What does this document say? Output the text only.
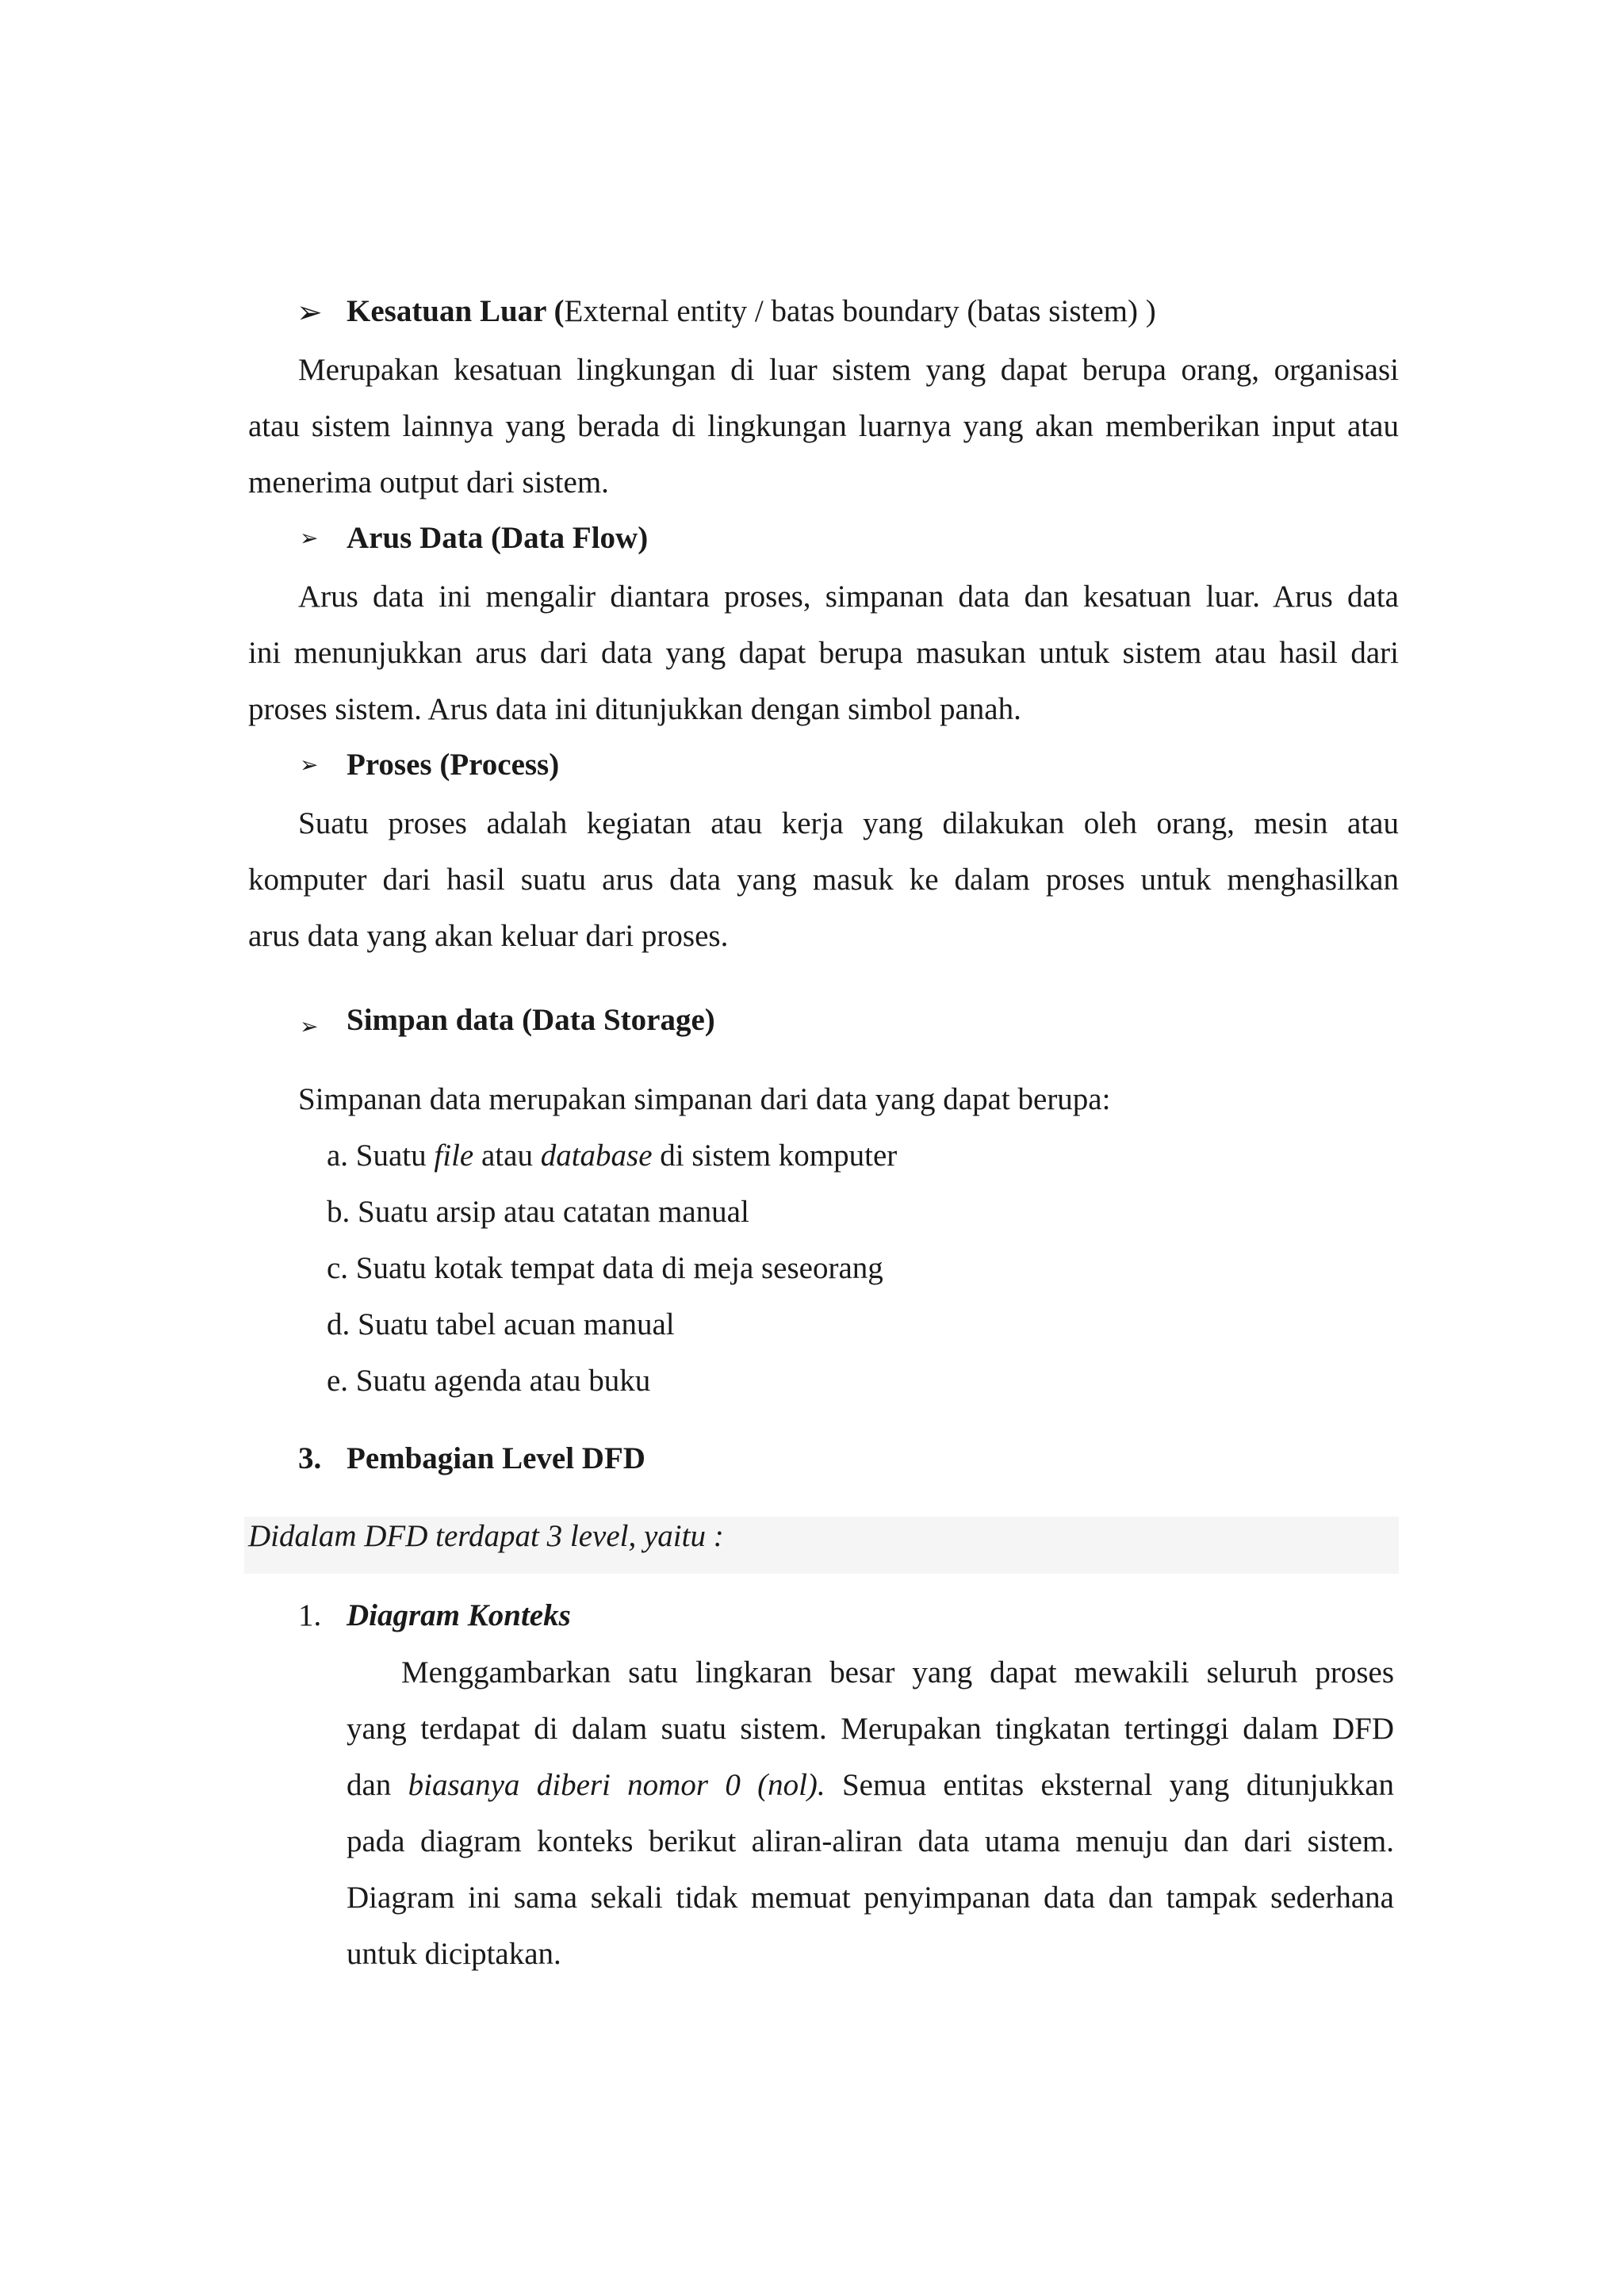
➢ Kesatuan Luar (External entity / batas boundary (batas sistem) )
Merupakan kesatuan lingkungan di luar sistem yang dapat berupa orang, organisasi
atau sistem lainnya yang berada di lingkungan luarnya yang akan memberikan input atau
menerima output dari sistem.
➢ Arus Data (Data Flow)
Arus data ini mengalir diantara proses, simpanan data dan kesatuan luar. Arus data
ini menunjukkan arus dari data yang dapat berupa masukan untuk sistem atau hasil dari
proses sistem. Arus data ini ditunjukkan dengan simbol panah.
➢ Proses (Process)
Suatu proses adalah kegiatan atau kerja yang dilakukan oleh orang, mesin atau
komputer dari hasil suatu arus data yang masuk ke dalam proses untuk menghasilkan
arus data yang akan keluar dari proses.
➢ Simpan data (Data Storage)
Simpanan data merupakan simpanan dari data yang dapat berupa:
a. Suatu file atau database di sistem komputer
b. Suatu arsip atau catatan manual
c. Suatu kotak tempat data di meja seseorang
d. Suatu tabel acuan manual
e. Suatu agenda atau buku
3. Pembagian Level DFD
Didalam DFD terdapat 3 level, yaitu :
1. Diagram Konteks
Menggambarkan satu lingkaran besar yang dapat mewakili seluruh proses
yang terdapat di dalam suatu sistem. Merupakan tingkatan tertinggi dalam DFD
dan biasanya diberi nomor 0 (nol). Semua entitas eksternal yang ditunjukkan
pada diagram konteks berikut aliran-aliran data utama menuju dan dari sistem.
Diagram ini sama sekali tidak memuat penyimpanan data dan tampak sederhana
untuk diciptakan.
